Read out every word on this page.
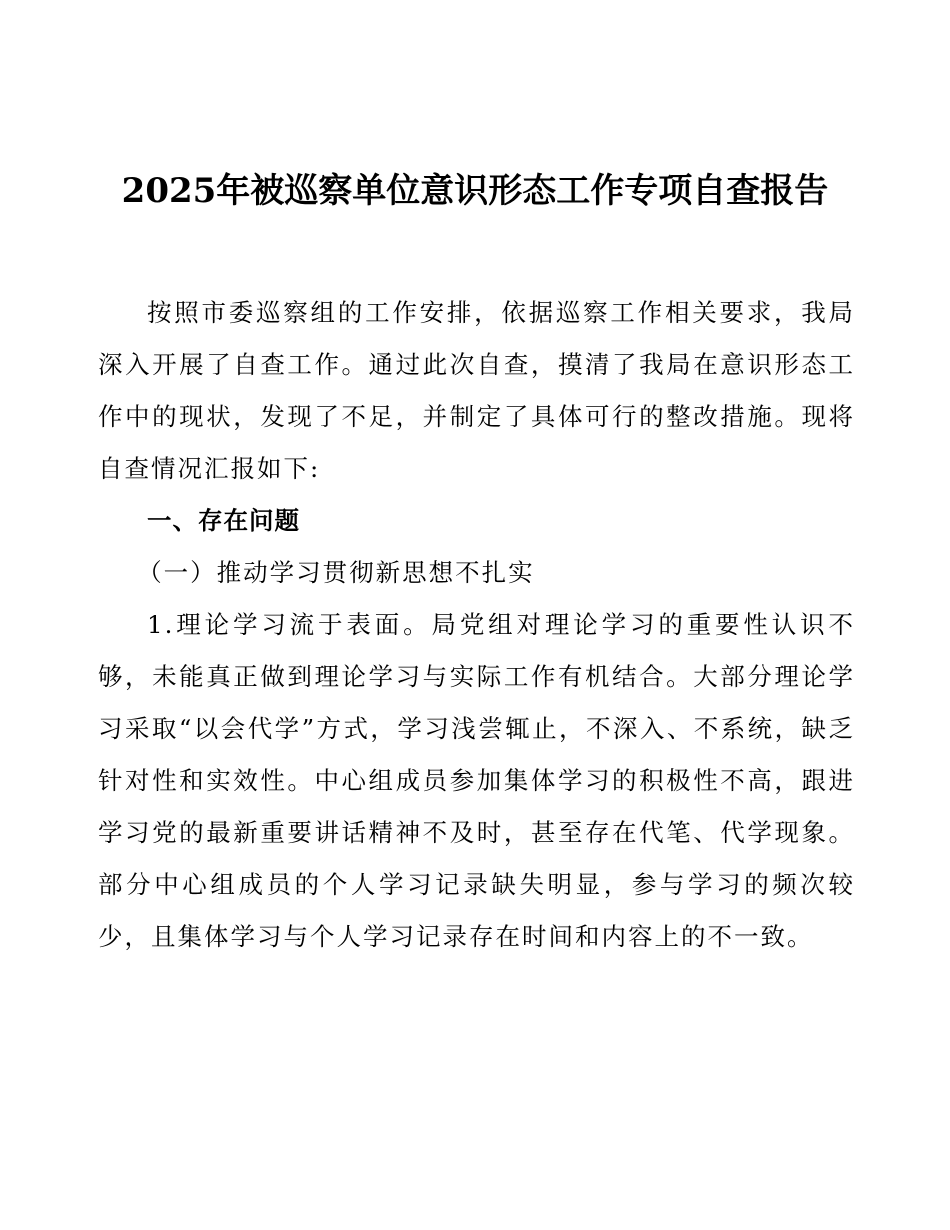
2025年被巡察单位意识形态工作专项自查报告

按照市委巡察组的工作安排，依据巡察工作相关要求，我局深入开展了自查工作。通过此次自查，摸清了我局在意识形态工作中的现状，发现了不足，并制定了具体可行的整改措施。现将自查情况汇报如下:

一、存在问题

（一）推动学习贯彻新思想不扎实

1.理论学习流于表面。局党组对理论学习的重要性认识不够，未能真正做到理论学习与实际工作有机结合。大部分理论学习采取“以会代学”方式，学习浅尝辄止，不深入、不系统，缺乏针对性和实效性。中心组成员参加集体学习的积极性不高，跟进学习党的最新重要讲话精神不及时，甚至存在代笔、代学现象。部分中心组成员的个人学习记录缺失明显，参与学习的频次较少，且集体学习与个人学习记录存在时间和内容上的不一致。
